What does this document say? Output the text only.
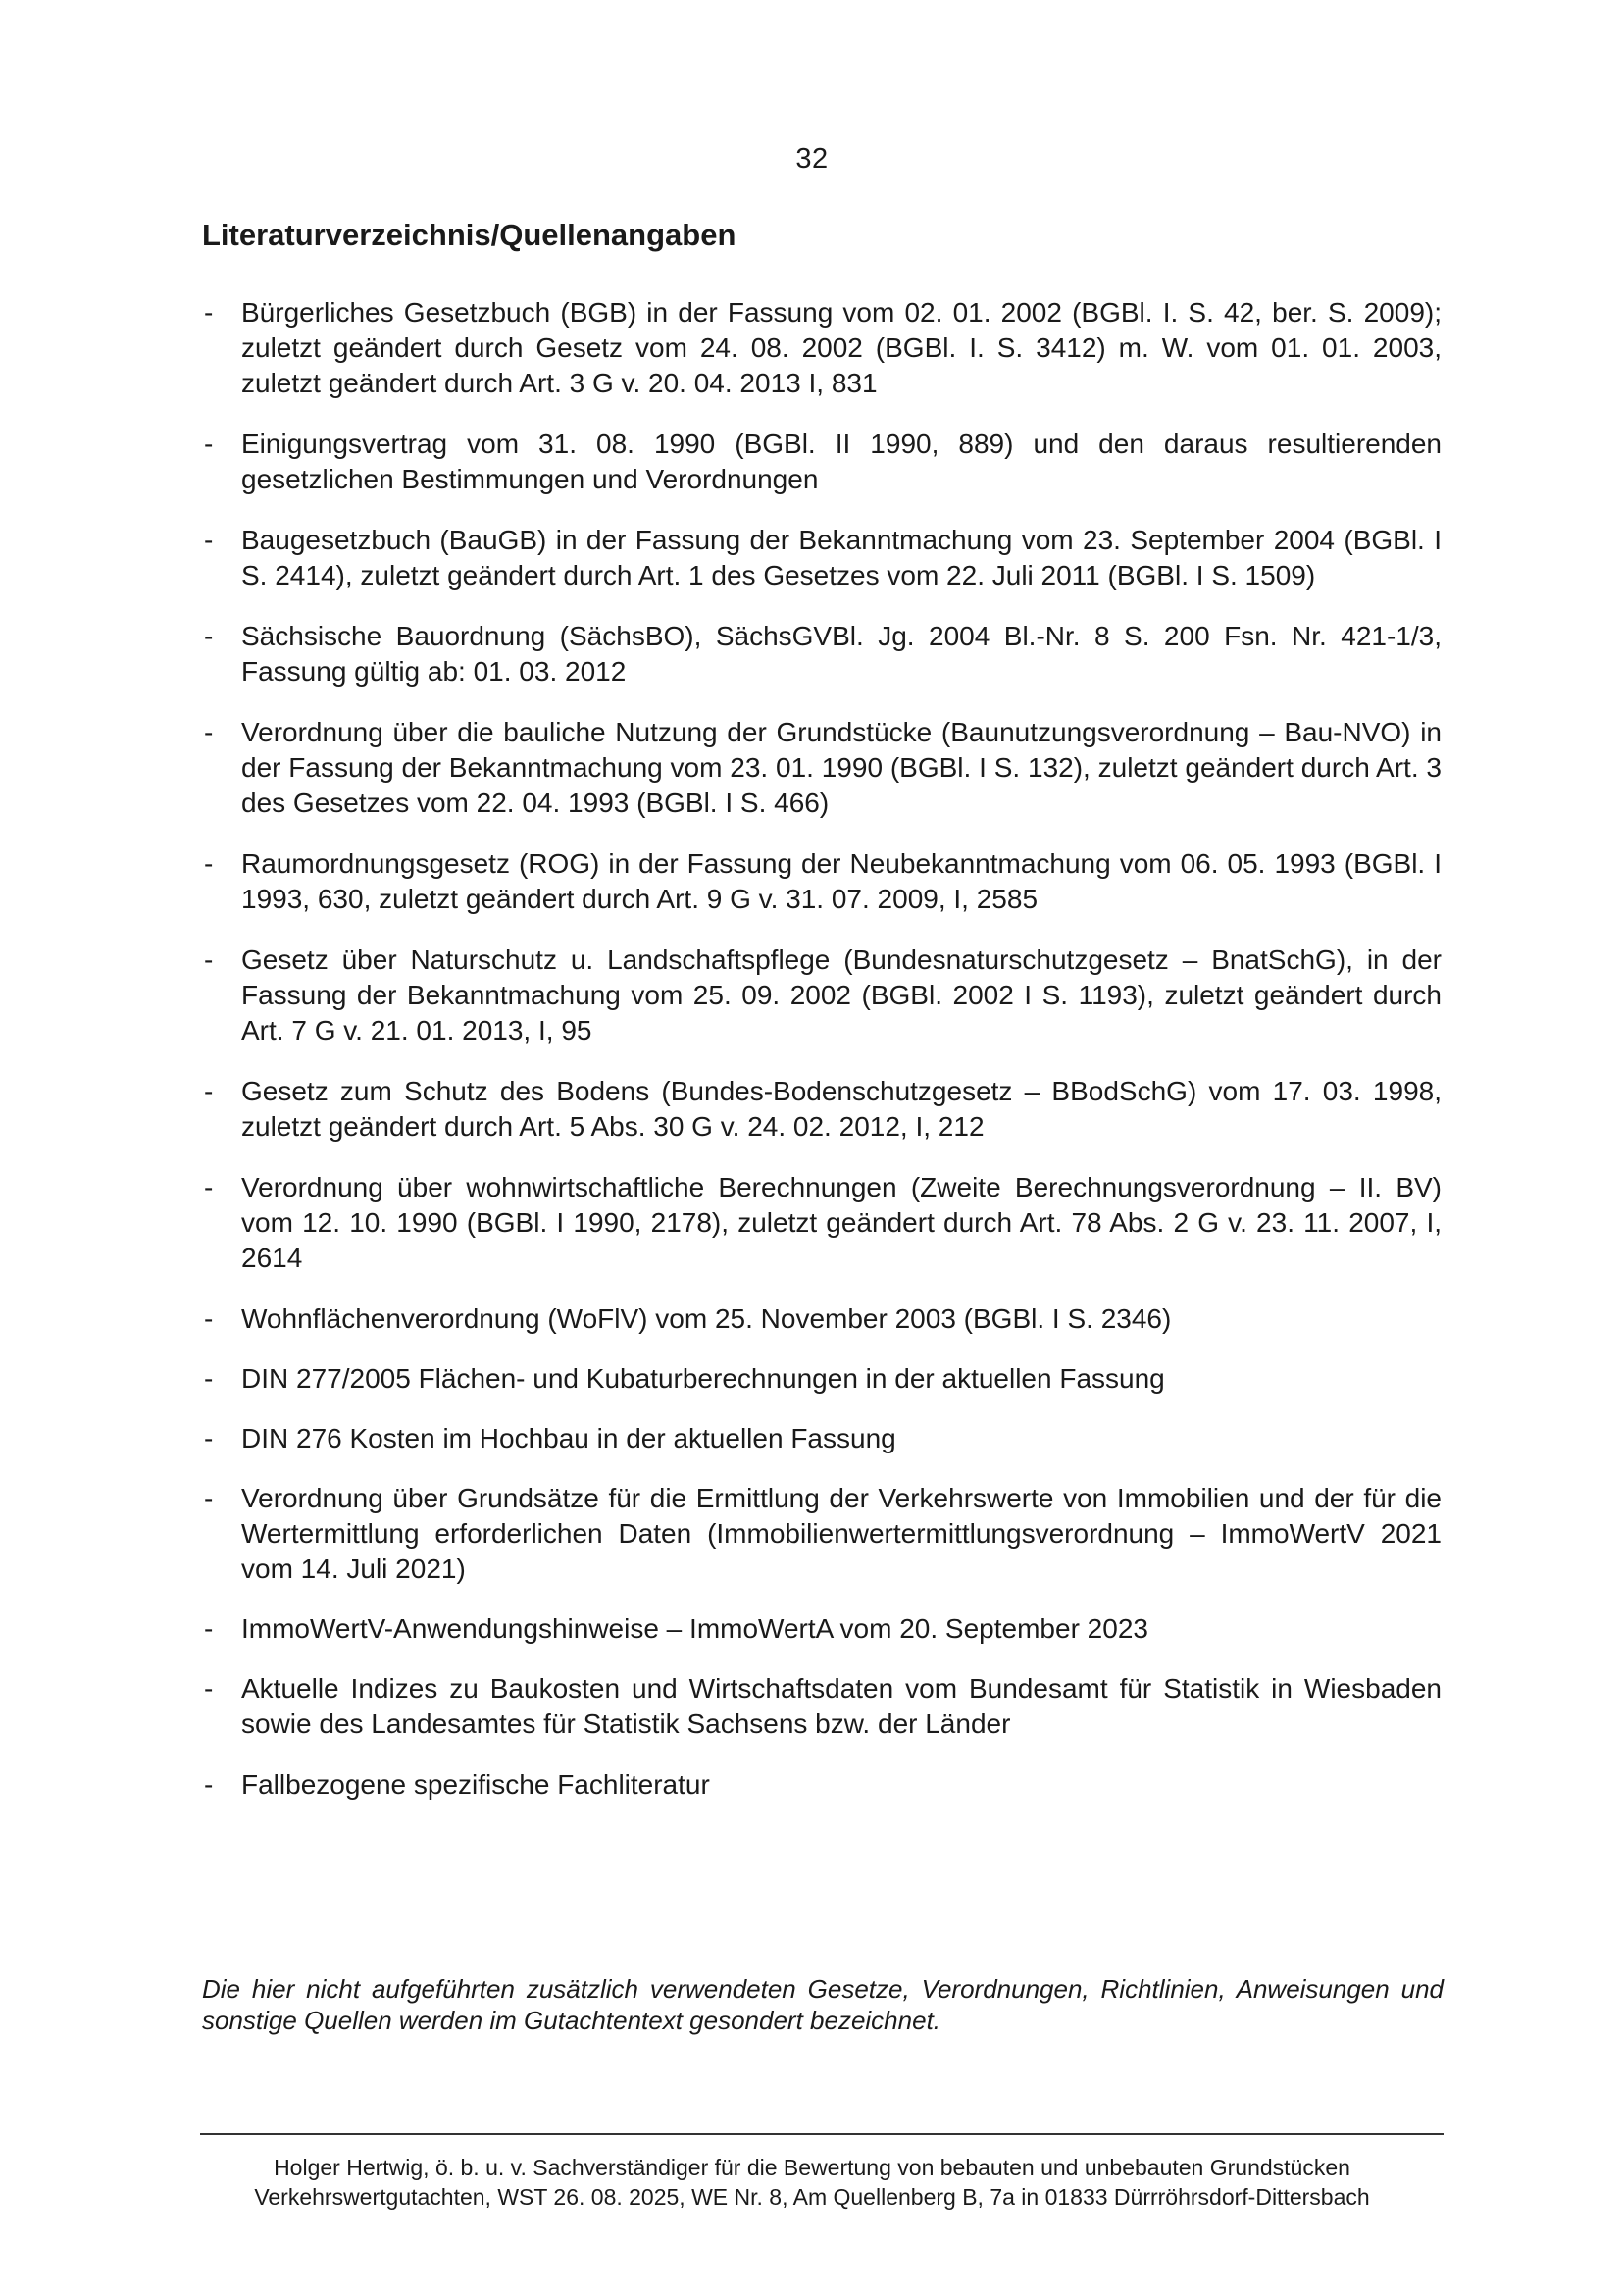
32
Literaturverzeichnis/Quellenangaben
- Bürgerliches Gesetzbuch (BGB) in der Fassung vom 02. 01. 2002 (BGBl. I. S. 42, ber. S. 2009); zuletzt geändert durch Gesetz vom 24. 08. 2002 (BGBl. I. S. 3412) m. W. vom 01. 01. 2003, zuletzt geändert durch Art. 3 G v. 20. 04. 2013 I, 831
- Einigungsvertrag vom 31. 08. 1990 (BGBl. II 1990, 889) und den daraus resultierenden gesetzlichen Bestimmungen und Verordnungen
- Baugesetzbuch (BauGB) in der Fassung der Bekanntmachung vom 23. September 2004 (BGBl. I S. 2414), zuletzt geändert durch Art. 1 des Gesetzes vom 22. Juli 2011 (BGBl. I S. 1509)
- Sächsische Bauordnung (SächsBO), SächsGVBl. Jg. 2004 Bl.-Nr. 8 S. 200 Fsn. Nr. 421-1/3, Fassung gültig ab: 01. 03. 2012
- Verordnung über die bauliche Nutzung der Grundstücke (Baunutzungsverordnung – Bau-NVO) in der Fassung der Bekanntmachung vom 23. 01. 1990 (BGBl. I S. 132), zuletzt geändert durch Art. 3 des Gesetzes vom 22. 04. 1993 (BGBl. I S. 466)
- Raumordnungsgesetz (ROG) in der Fassung der Neubekanntmachung vom 06. 05. 1993 (BGBl. I 1993, 630, zuletzt geändert durch Art. 9 G v. 31. 07. 2009, I, 2585
- Gesetz über Naturschutz u. Landschaftspflege (Bundesnaturschutzgesetz – BnatSchG), in der Fassung der Bekanntmachung vom 25. 09. 2002 (BGBl. 2002 I S. 1193), zuletzt geändert durch Art. 7 G v. 21. 01. 2013, I, 95
- Gesetz zum Schutz des Bodens (Bundes-Bodenschutzgesetz – BBodSchG) vom 17. 03. 1998, zuletzt geändert durch Art. 5 Abs. 30 G v. 24. 02. 2012, I, 212
- Verordnung über wohnwirtschaftliche Berechnungen (Zweite Berechnungsverordnung – II. BV) vom 12. 10. 1990 (BGBl. I 1990, 2178), zuletzt geändert durch Art. 78 Abs. 2 G v. 23. 11. 2007, I, 2614
- Wohnflächenverordnung (WoFlV) vom 25. November 2003 (BGBl. I S. 2346)
- DIN 277/2005 Flächen- und Kubaturberechnungen in der aktuellen Fassung
- DIN 276 Kosten im Hochbau in der aktuellen Fassung
- Verordnung über Grundsätze für die Ermittlung der Verkehrswerte von Immobilien und der für die Wertermittlung erforderlichen Daten (Immobilienwertermittlungsverordnung – ImmoWertV 2021 vom 14. Juli 2021)
- ImmoWertV-Anwendungshinweise – ImmoWertA vom 20. September 2023
- Aktuelle Indizes zu Baukosten und Wirtschaftsdaten vom Bundesamt für Statistik in Wiesbaden sowie des Landesamtes für Statistik Sachsens bzw. der Länder
- Fallbezogene spezifische Fachliteratur

Die hier nicht aufgeführten zusätzlich verwendeten Gesetze, Verordnungen, Richtlinien, Anweisungen und sonstige Quellen werden im Gutachtentext gesondert bezeichnet.

Holger Hertwig, ö. b. u. v. Sachverständiger für die Bewertung von bebauten und unbebauten Grundstücken
Verkehrswertgutachten, WST 26. 08. 2025, WE Nr. 8, Am Quellenberg B, 7a in 01833 Dürrröhrsdorf-Dittersbach
